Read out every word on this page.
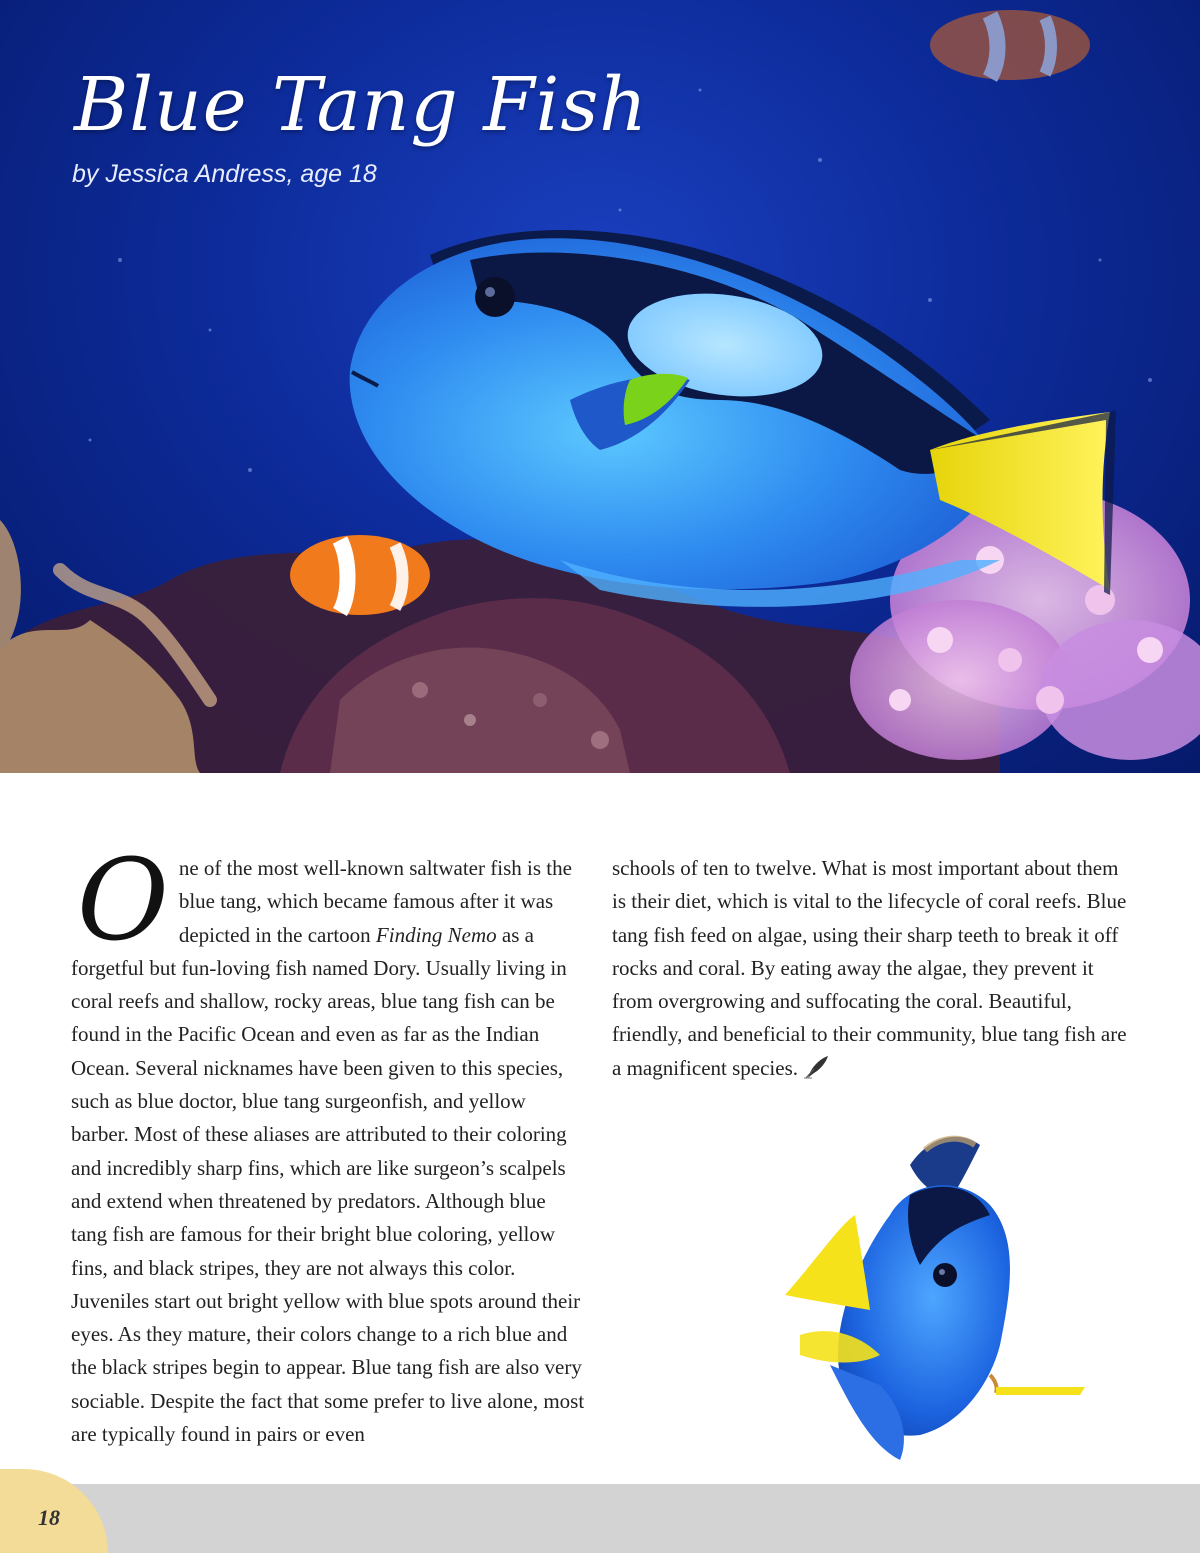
Blue Tang Fish
by Jessica Andress, age 18

One of the most well-known saltwater fish is the blue tang, which became famous after it was depicted in the cartoon Finding Nemo as a forgetful but fun-loving fish named Dory. Usually living in coral reefs and shallow, rocky areas, blue tang fish can be found in the Pacific Ocean and even as far as the Indian Ocean. Several nicknames have been given to this species, such as blue doctor, blue tang surgeonfish, and yellow barber. Most of these aliases are attributed to their coloring and incredibly sharp fins, which are like surgeon’s scalpels and extend when threatened by predators. Although blue tang fish are famous for their bright blue coloring, yellow fins, and black stripes, they are not always this color. Juveniles start out bright yellow with blue spots around their eyes. As they mature, their colors change to a rich blue and the black stripes begin to appear. Blue tang fish are also very sociable. Despite the fact that some prefer to live alone, most are typically found in pairs or even

schools of ten to twelve. What is most important about them is their diet, which is vital to the lifecycle of coral reefs. Blue tang fish feed on algae, using their sharp teeth to break it off rocks and coral. By eating away the algae, they prevent it from overgrowing and suffocating the coral. Beautiful, friendly, and beneficial to their community, blue tang fish are a magnificent species.

18
